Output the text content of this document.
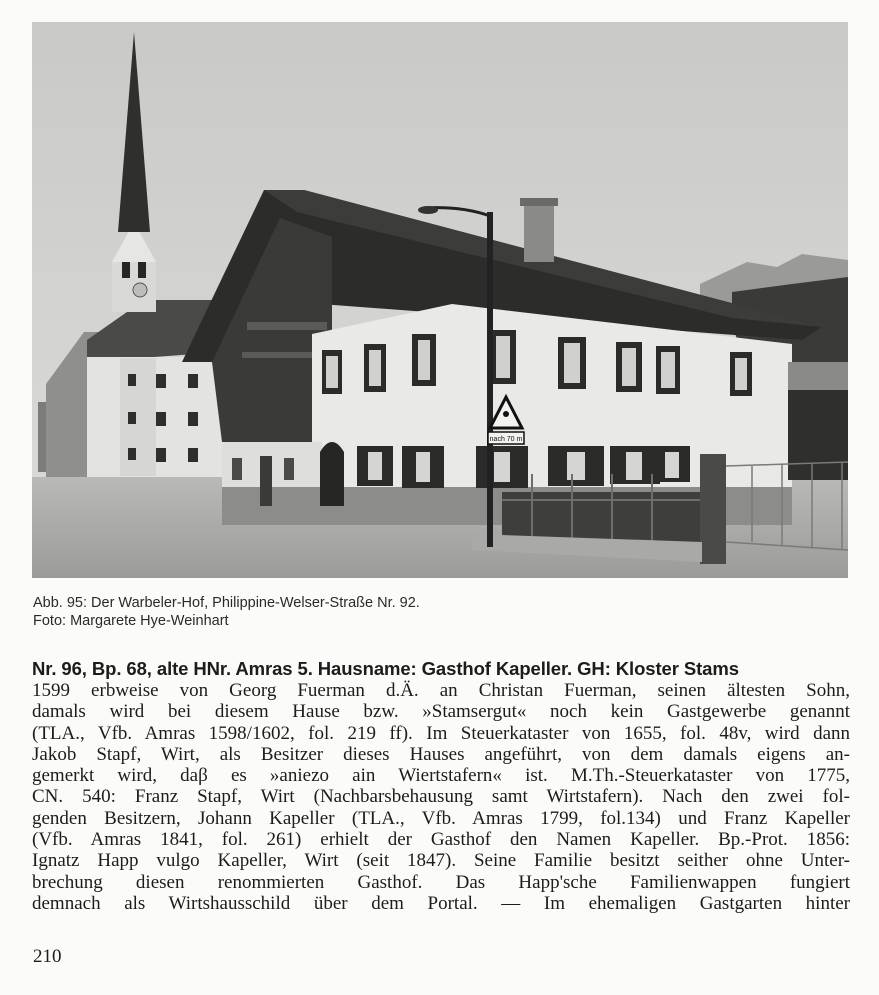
nach 70 m
Abb. 95: Der Warbeler-Hof, Philippine-Welser-Straße Nr. 92.
Foto: Margarete Hye-Weinhart
Nr. 96, Bp. 68, alte HNr. Amras 5. Hausname: Gasthof Kapeller. GH: Kloster Stams
1599 erbweise von Georg Fuerman d.Ä. an Christan Fuerman, seinen ältesten Sohn,
damals wird bei diesem Hause bzw. »Stamsergut« noch kein Gastgewerbe genannt
(TLA., Vfb. Amras 1598/1602, fol. 219 ff). Im Steuerkataster von 1655, fol. 48v, wird dann
Jakob Stapf, Wirt, als Besitzer dieses Hauses angeführt, von dem damals eigens an-
gemerkt wird, daβ es »aniezo ain Wiertstafern« ist. M.Th.-Steuerkataster von 1775,
CN. 540: Franz Stapf, Wirt (Nachbarsbehausung samt Wirtstafern). Nach den zwei fol-
genden Besitzern, Johann Kapeller (TLA., Vfb. Amras 1799, fol.134) und Franz Kapeller
(Vfb. Amras 1841, fol. 261) erhielt der Gasthof den Namen Kapeller. Bp.-Prot. 1856:
Ignatz Happ vulgo Kapeller, Wirt (seit 1847). Seine Familie besitzt seither ohne Unter-
brechung diesen renommierten Gasthof. Das Happ'sche Familienwappen fungiert
demnach als Wirtshausschild über dem Portal. — Im ehemaligen Gastgarten hinter
210
